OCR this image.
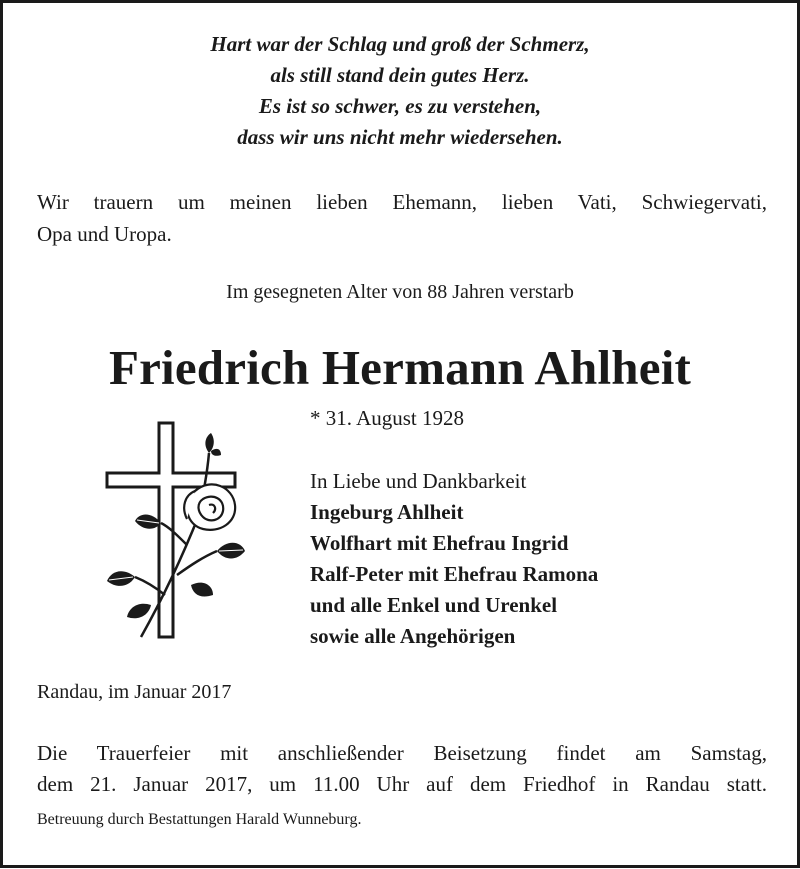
Hart war der Schlag und groß der Schmerz,
als still stand dein gutes Herz.
Es ist so schwer, es zu verstehen,
dass wir uns nicht mehr wiedersehen.
Wir trauern um meinen lieben Ehemann, lieben Vati, Schwiegervati,
Opa und Uropa.
Im gesegneten Alter von 88 Jahren verstarb
Friedrich Hermann Ahlheit
* 31. August 1928
In Liebe und Dankbarkeit
Ingeburg Ahlheit
Wolfhart mit Ehefrau Ingrid
Ralf-Peter mit Ehefrau Ramona
und alle Enkel und Urenkel
sowie alle Angehörigen
Randau, im Januar 2017
Die Trauerfeier mit anschließender Beisetzung findet am Samstag,
dem 21. Januar 2017, um 11.00 Uhr auf dem Friedhof in Randau statt.
Betreuung durch Bestattungen Harald Wunneburg.
